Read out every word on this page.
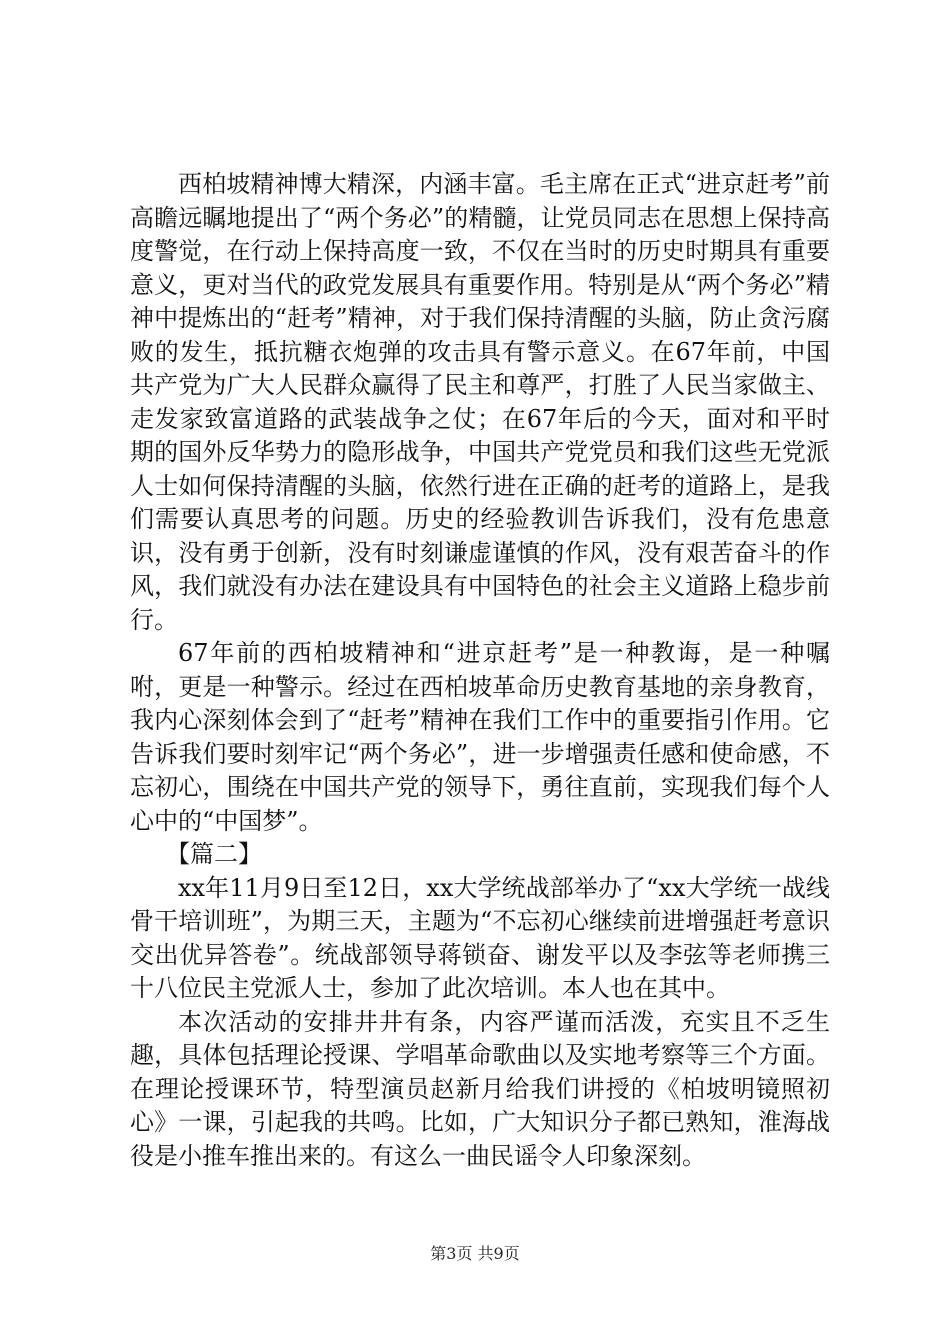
西柏坡精神博大精深，内涵丰富。毛主席在正式“进京赶考”前高瞻远瞩地提出了“两个务必”的精髓，让党员同志在思想上保持高度警觉，在行动上保持高度一致，不仅在当时的历史时期具有重要意义，更对当代的政党发展具有重要作用。特别是从“两个务必”精神中提炼出的“赶考”精神，对于我们保持清醒的头脑，防止贪污腐败的发生，抵抗糖衣炮弹的攻击具有警示意义。在67年前，中国共产党为广大人民群众赢得了民主和尊严，打胜了人民当家做主、走发家致富道路的武装战争之仗；在67年后的今天，面对和平时期的国外反华势力的隐形战争，中国共产党党员和我们这些无党派人士如何保持清醒的头脑，依然行进在正确的赶考的道路上，是我们需要认真思考的问题。历史的经验教训告诉我们，没有危患意识，没有勇于创新，没有时刻谦虚谨慎的作风，没有艰苦奋斗的作风，我们就没有办法在建设具有中国特色的社会主义道路上稳步前行。

67年前的西柏坡精神和“进京赶考”是一种教诲，是一种嘱咐，更是一种警示。经过在西柏坡革命历史教育基地的亲身教育，我内心深刻体会到了“赶考”精神在我们工作中的重要指引作用。它告诉我们要时刻牢记“两个务必”，进一步增强责任感和使命感，不忘初心，围绕在中国共产党的领导下，勇往直前，实现我们每个人心中的“中国梦”。

【篇二】

xx年11月9日至12日，xx大学统战部举办了“xx大学统一战线骨干培训班”，为期三天，主题为“不忘初心继续前进增强赶考意识交出优异答卷”。统战部领导蒋锁奋、谢发平以及李弦等老师携三十八位民主党派人士，参加了此次培训。本人也在其中。

本次活动的安排井井有条，内容严谨而活泼，充实且不乏生趣，具体包括理论授课、学唱革命歌曲以及实地考察等三个方面。在理论授课环节，特型演员赵新月给我们讲授的《柏坡明镜照初心》一课，引起我的共鸣。比如，广大知识分子都已熟知，淮海战役是小推车推出来的。有这么一曲民谣令人印象深刻。

第3页 共9页
